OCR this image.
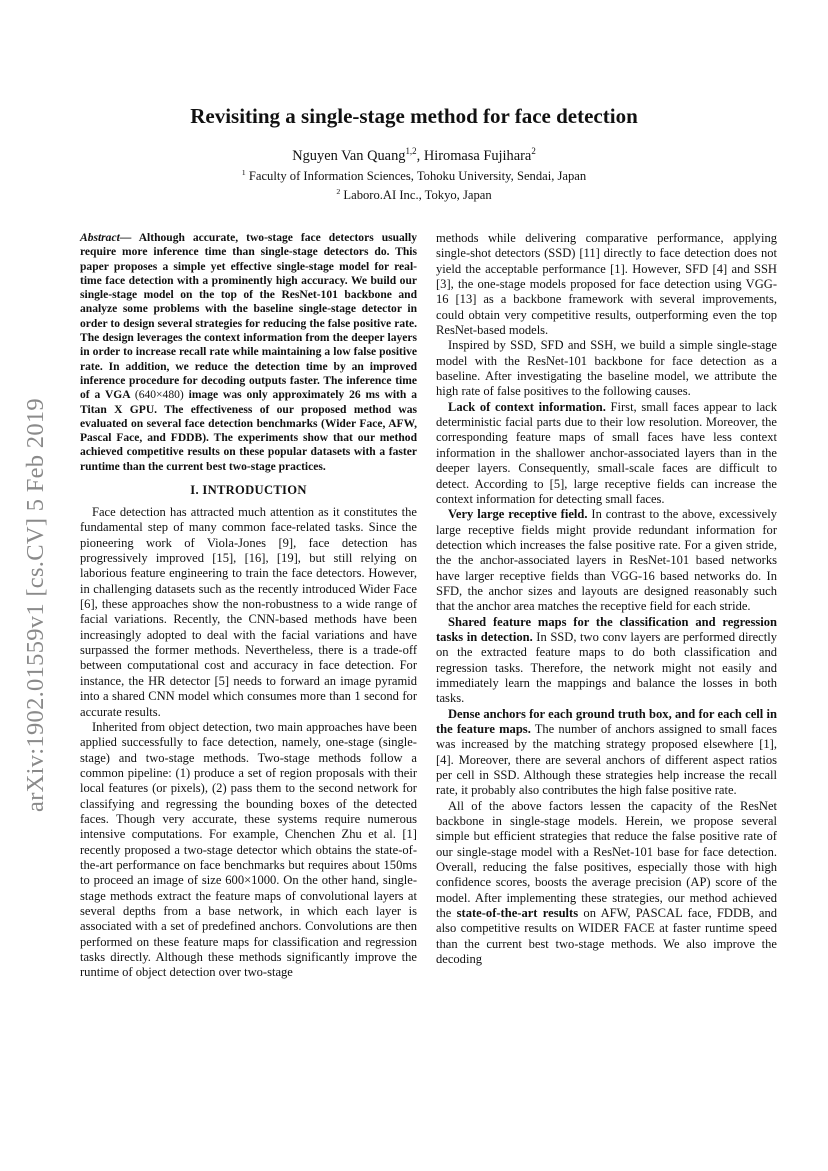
arXiv:1902.01559v1 [cs.CV] 5 Feb 2019
Revisiting a single-stage method for face detection
Nguyen Van Quang$^{1,2}$, Hiromasa Fujihara$^2$
$^1$ Faculty of Information Sciences, Tohoku University, Sendai, Japan
$^2$ Laboro.AI Inc., Tokyo, Japan

Abstract— Although accurate, two-stage face detectors usually require more inference time than single-stage detectors do. This paper proposes a simple yet effective single-stage model for real-time face detection with a prominently high accuracy. We build our single-stage model on the top of the ResNet-101 backbone and analyze some problems with the baseline single-stage detector in order to design several strategies for reducing the false positive rate. The design leverages the context information from the deeper layers in order to increase recall rate while maintaining a low false positive rate. In addition, we reduce the detection time by an improved inference procedure for decoding outputs faster. The inference time of a VGA (640×480) image was only approximately 26 ms with a Titan X GPU. The effectiveness of our proposed method was evaluated on several face detection benchmarks (Wider Face, AFW, Pascal Face, and FDDB). The experiments show that our method achieved competitive results on these popular datasets with a faster runtime than the current best two-stage practices.

I. INTRODUCTION

Face detection has attracted much attention as it constitutes the fundamental step of many common face-related tasks. Since the pioneering work of Viola-Jones [9], face detection has progressively improved [15], [16], [19], but still relying on laborious feature engineering to train the face detectors. However, in challenging datasets such as the recently introduced Wider Face [6], these approaches show the non-robustness to a wide range of facial variations. Recently, the CNN-based methods have been increasingly adopted to deal with the facial variations and have surpassed the former methods. Nevertheless, there is a trade-off between computational cost and accuracy in face detection. For instance, the HR detector [5] needs to forward an image pyramid into a shared CNN model which consumes more than 1 second for accurate results.

Inherited from object detection, two main approaches have been applied successfully to face detection, namely, one-stage (single-stage) and two-stage methods. Two-stage methods follow a common pipeline: (1) produce a set of region proposals with their local features (or pixels), (2) pass them to the second network for classifying and regressing the bounding boxes of the detected faces. Though very accurate, these systems require numerous intensive computations. For example, Chenchen Zhu et al. [1] recently proposed a two-stage detector which obtains the state-of-the-art performance on face benchmarks but requires about 150ms to proceed an image of size 600×1000. On the other hand, single-stage methods extract the feature maps of convolutional layers at several depths from a base network, in which each layer is associated with a set of predefined anchors. Convolutions are then performed on these feature maps for classification and regression tasks directly. Although these methods significantly improve the runtime of object detection over two-stage

methods while delivering comparative performance, applying single-shot detectors (SSD) [11] directly to face detection does not yield the acceptable performance [1]. However, SFD [4] and SSH [3], the one-stage models proposed for face detection using VGG-16 [13] as a backbone framework with several improvements, could obtain very competitive results, outperforming even the top ResNet-based models.

Inspired by SSD, SFD and SSH, we build a simple single-stage model with the ResNet-101 backbone for face detection as a baseline. After investigating the baseline model, we attribute the high rate of false positives to the following causes.

Lack of context information. First, small faces appear to lack deterministic facial parts due to their low resolution. Moreover, the corresponding feature maps of small faces have less context information in the shallower anchor-associated layers than in the deeper layers. Consequently, small-scale faces are difficult to detect. According to [5], large receptive fields can increase the context information for detecting small faces.

Very large receptive field. In contrast to the above, excessively large receptive fields might provide redundant information for detection which increases the false positive rate. For a given stride, the the anchor-associated layers in ResNet-101 based networks have larger receptive fields than VGG-16 based networks do. In SFD, the anchor sizes and layouts are designed reasonably such that the anchor area matches the receptive field for each stride.

Shared feature maps for the classification and regression tasks in detection. In SSD, two conv layers are performed directly on the extracted feature maps to do both classification and regression tasks. Therefore, the network might not easily and immediately learn the mappings and balance the losses in both tasks.

Dense anchors for each ground truth box, and for each cell in the feature maps. The number of anchors assigned to small faces was increased by the matching strategy proposed elsewhere [1], [4]. Moreover, there are several anchors of different aspect ratios per cell in SSD. Although these strategies help increase the recall rate, it probably also contributes the high false positive rate.

All of the above factors lessen the capacity of the ResNet backbone in single-stage models. Herein, we propose several simple but efficient strategies that reduce the false positive rate of our single-stage model with a ResNet-101 base for face detection. Overall, reducing the false positives, especially those with high confidence scores, boosts the average precision (AP) score of the model. After implementing these strategies, our method achieved the state-of-the-art results on AFW, PASCAL face, FDDB, and also competitive results on WIDER FACE at faster runtime speed than the current best two-stage methods. We also improve the decoding
